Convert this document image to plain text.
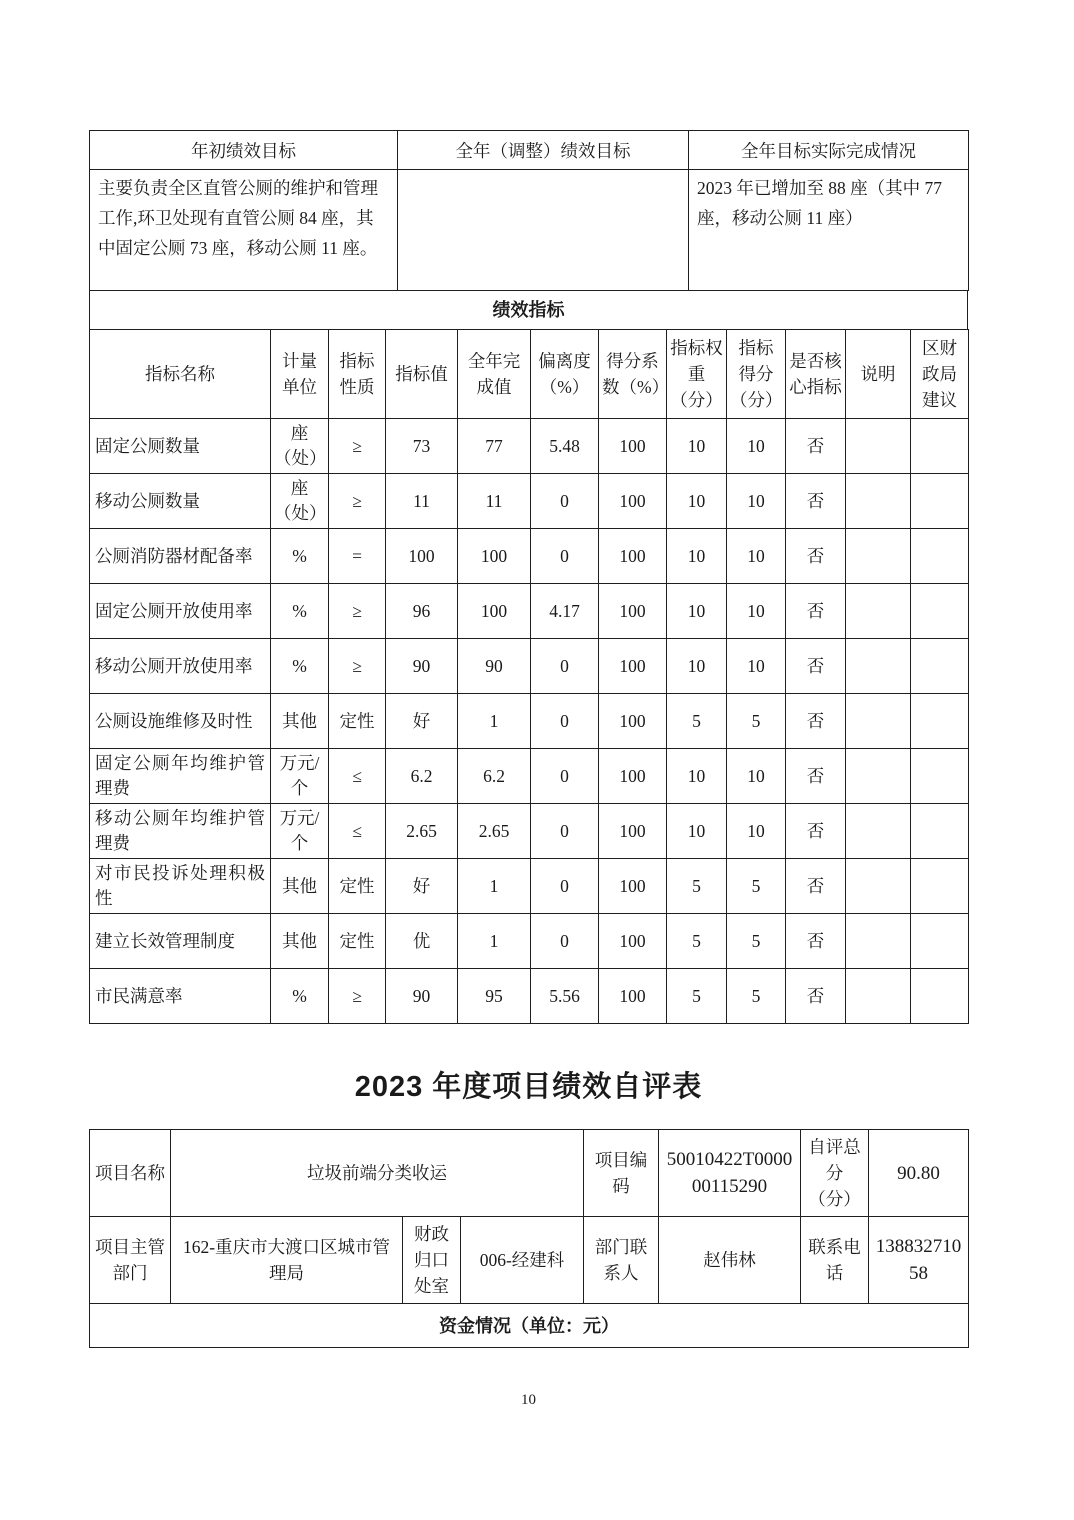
年初绩效目标	全年（调整）绩效目标	全年目标实际完成情况
主要负责全区直管公厕的维护和管理工作,环卫处现有直管公厕 84 座，其中固定公厕 73 座，移动公厕 11 座。		2023 年已增加至 88 座（其中 77 座，移动公厕 11 座）
绩效指标
指标名称	计量单位	指标性质	指标值	全年完成值	偏离度（%）	得分系数（%）	指标权重（分）	指标得分（分）	是否核心指标	说明	区财政局建议
固定公厕数量	座（处）	≥	73	77	5.48	100	10	10	否		
移动公厕数量	座（处）	≥	11	11	0	100	10	10	否		
公厕消防器材配备率	%	=	100	100	0	100	10	10	否		
固定公厕开放使用率	%	≥	96	100	4.17	100	10	10	否		
移动公厕开放使用率	%	≥	90	90	0	100	10	10	否		
公厕设施维修及时性	其他	定性	好	1	0	100	5	5	否		
固定公厕年均维护管理费	万元/个	≤	6.2	6.2	0	100	10	10	否		
移动公厕年均维护管理费	万元/个	≤	2.65	2.65	0	100	10	10	否		
对市民投诉处理积极性	其他	定性	好	1	0	100	5	5	否		
建立长效管理制度	其他	定性	优	1	0	100	5	5	否		
市民满意率	%	≥	90	95	5.56	100	5	5	否		
2023 年度项目绩效自评表
项目名称	垃圾前端分类收运			项目编码	50010422T000000115290	自评总分（分）	90.80
项目主管部门	162-重庆市大渡口区城市管理局	财政归口处室	006-经建科	部门联系人	赵伟林	联系电话	13883271058
资金情况（单位：元）							
10
